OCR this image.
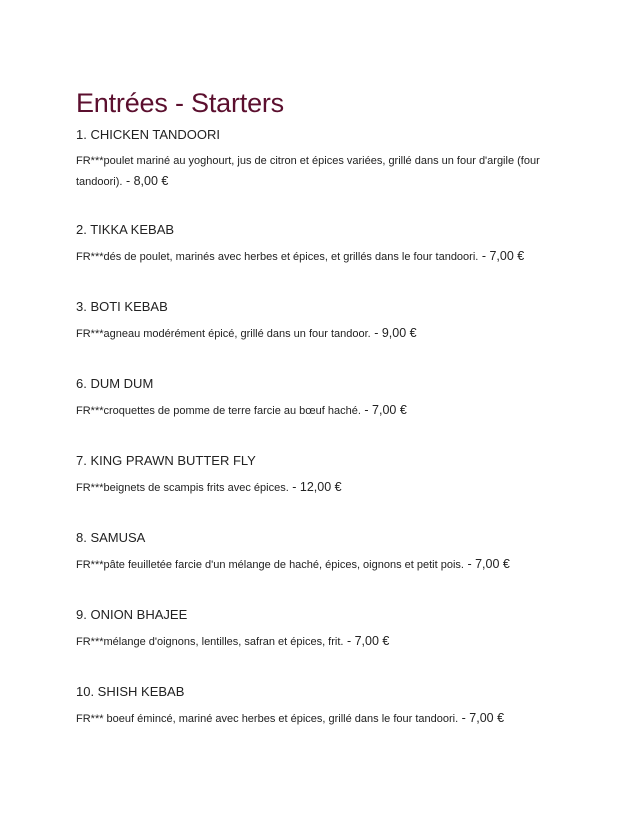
Entrées - Starters

1. CHICKEN TANDOORI

FR***poulet mariné au yoghourt, jus de citron et épices variées, grillé dans un four d'argile (four tandoori). - 8,00 €

2. TIKKA KEBAB

FR***dés de poulet, marinés avec herbes et épices, et grillés dans le four tandoori. - 7,00 €

3. BOTI KEBAB

FR***agneau modérément épicé, grillé dans un four tandoor. - 9,00 €

6. DUM DUM

FR***croquettes de pomme de terre farcie au bœuf haché. - 7,00 €

7. KING PRAWN BUTTER FLY

FR***beignets de scampis frits avec épices. - 12,00 €

8. SAMUSA

FR***pâte feuilletée farcie d'un mélange de haché, épices, oignons et petit pois. - 7,00 €

9. ONION BHAJEE

FR***mélange d'oignons, lentilles, safran et épices, frit. - 7,00 €

10. SHISH KEBAB

FR*** boeuf émincé, mariné avec herbes et épices, grillé dans le four tandoori. - 7,00 €
